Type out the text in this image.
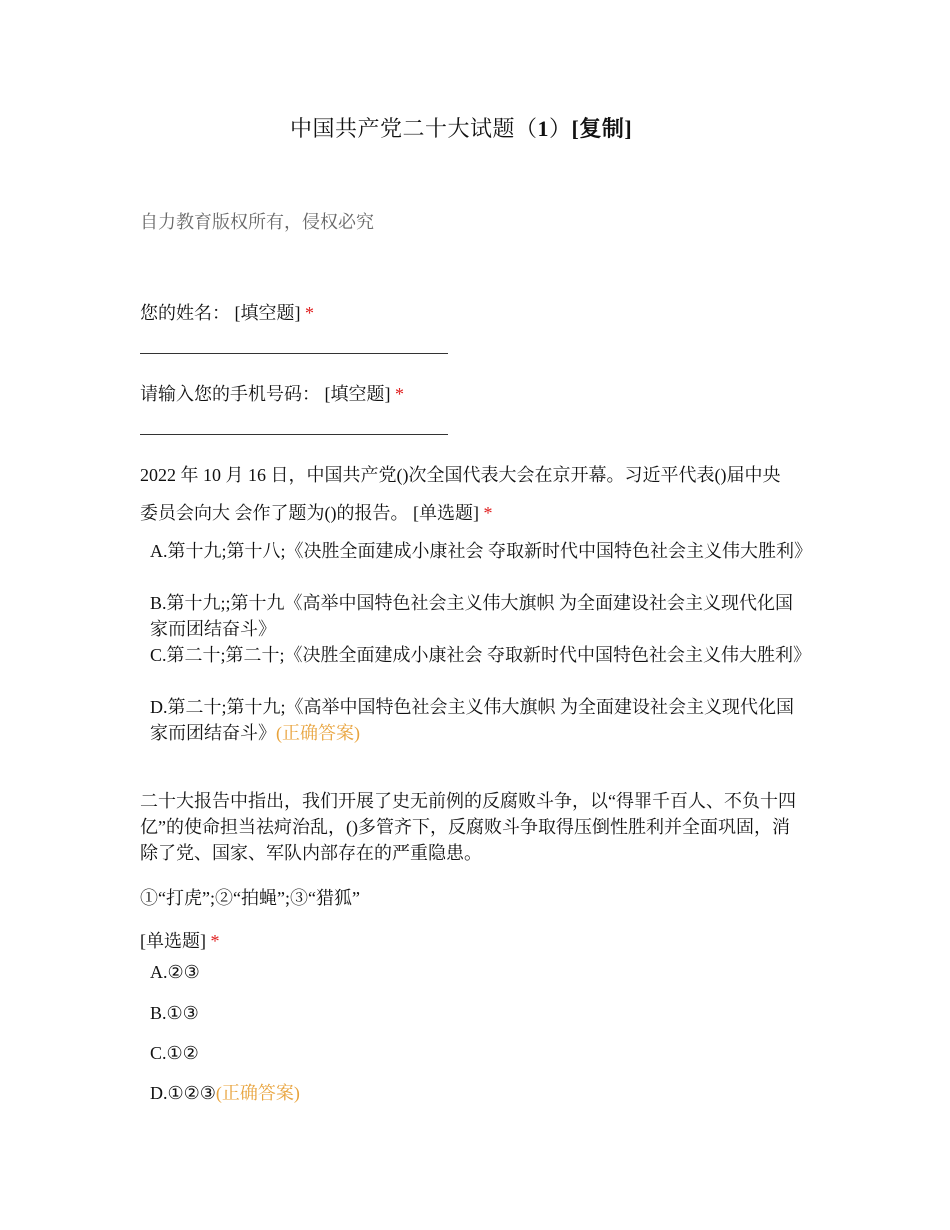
中国共产党二十大试题（1）[复制]
自力教育版权所有，侵权必究
您的姓名： [填空题] *
请输入您的手机号码： [填空题] *
2022 年 10 月 16 日，中国共产党()次全国代表大会在京开幕。习近平代表()届中央
委员会向大 会作了题为()的报告。 [单选题] *
A.第十九;第十八;《决胜全面建成小康社会 夺取新时代中国特色社会主义伟大胜利》
B.第十九;;第十九《高举中国特色社会主义伟大旗帜 为全面建设社会主义现代化国家而团结奋斗》
C.第二十;第二十;《决胜全面建成小康社会 夺取新时代中国特色社会主义伟大胜利》
D.第二十;第十九;《高举中国特色社会主义伟大旗帜 为全面建设社会主义现代化国家而团结奋斗》(正确答案)
二十大报告中指出，我们开展了史无前例的反腐败斗争，以“得罪千百人、不负十四亿”的使命担当祛疴治乱，()多管齐下，反腐败斗争取得压倒性胜利并全面巩固，消除了党、国家、军队内部存在的严重隐患。
①“打虎”;②“拍蝇”;③“猎狐”
[单选题] *
A.②③
B.①③
C.①②
D.①②③(正确答案)
